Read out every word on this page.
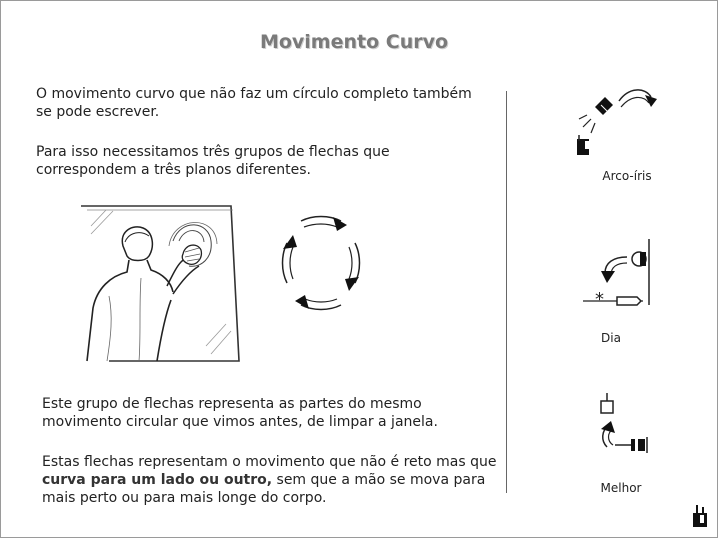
Movimento Curvo

O movimento curvo que não faz um círculo completo também se pode escrever.

Para isso necessitamos três grupos de flechas que correspondem a três planos diferentes.

Este grupo de flechas representa as partes do mesmo movimento circular que vimos antes, de limpar a janela.

Estas flechas representam o movimento que não é reto mas que curva para um lado ou outro, sem que a mão se mova para mais perto ou para mais longe do corpo.

Arco-íris
*
Dia
Melhor
